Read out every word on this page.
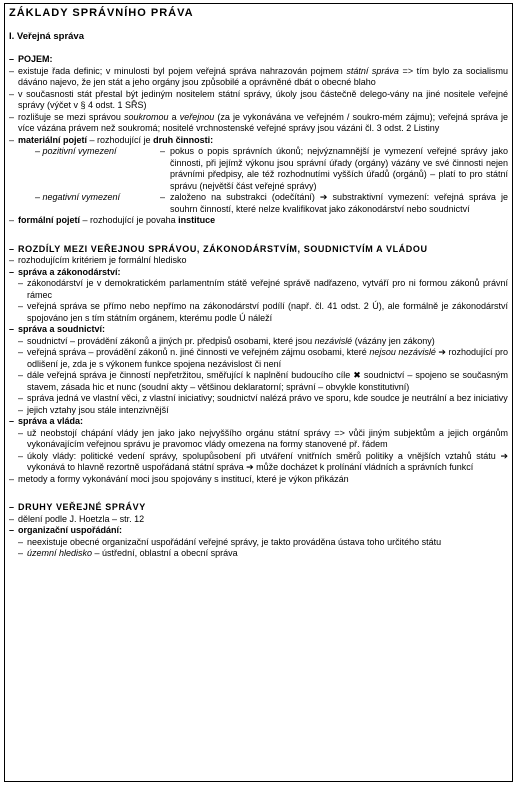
ZÁKLADY SPRÁVNÍHO PRÁVA
I. Veřejná správa
– POJEM:
– existuje řada definic; v minulosti byl pojem veřejná správa nahrazován pojmem státní správa => tím bylo za socialismu dáváno najevo, že jen stát a jeho orgány jsou způsobilé a oprávněné dbát o obecné blaho
– v současnosti stát přestal být jediným nositelem státní správy, úkoly jsou částečně delego-vány na jiné nositele veřejné správy (výčet v § 4 odst. 1 SŘS)
– rozlišuje se mezi správou soukromou a veřejnou (za je vykonávána ve veřejném / soukro-mém zájmu); veřejná správa je více vázána právem než soukromá; nositelé vrchnostenské veřejné správy jsou vázáni čl. 3 odst. 2 Listiny
– materiální pojetí – rozhodující je druh činnosti:
– pozitivní vymezení	– pokus o popis správních úkonů; nejvýznamnější je vymezení veřejné správy jako činnosti, při jejímž výkonu jsou správní úřady (orgány) vázány ve své činnosti nejen právními předpisy, ale též rozhodnutími vyšších úřadů (orgánů) – platí to pro státní správu (největší část veřejné správy)
– negativní vymezení	– založeno na substrakci (odečítání) ➔ substraktivní vymezení: veřejná správa je souhrn činností, které nelze kvalifikovat jako zákonodárství nebo soudnictví
– formální pojetí – rozhodující je povaha instituce
– ROZDÍLY MEZI VEŘEJNOU SPRÁVOU, ZÁKONODÁRSTVÍM, SOUDNICTVÍM A VLÁDOU
– rozhodujícím kritériem je formální hledisko
– správa a zákonodárství:
– zákonodárství je v demokratickém parlamentním státě veřejné správě nadřazeno, vytváří pro ni formou zákonů právní rámec
– veřejná správa se přímo nebo nepřímo na zákonodárství podílí (např. čl. 41 odst. 2 Ú), ale formálně je zákonodárství spojováno jen s tím státním orgánem, kterému podle Ú náleží
– správa a soudnictví:
– soudnictví – provádění zákonů a jiných pr. předpisů osobami, které jsou nezávislé (vázány jen zákony)
– veřejná správa – provádění zákonů n. jiné činnosti ve veřejném zájmu osobami, které nejsou nezávislé ➔ rozhodující pro odlišení je, zda je s výkonem funkce spojena nezávislost či není
– dále veřejná správa je činností nepřetržitou, směřující k naplnění budoucího cíle ✖ soudnictví – spojeno se současným stavem, zásada hic et nunc (soudní akty – většinou deklaratorní; správní – obvykle konstitutivní)
– správa jedná ve vlastní věci, z vlastní iniciativy; soudnictví nalézá právo ve sporu, kde soudce je neutrální a bez iniciativy
– jejich vztahy jsou stále intenzivnější
– správa a vláda:
– už neobstojí chápání vlády jen jako jako nejvyššího orgánu státní správy => vůči jiným subjektům a jejich orgánům vykonávajícím veřejnou správu je pravomoc vlády omezena na formy stanovené př. řádem
– úkoly vlády: politické vedení správy, spolupůsobení při utváření vnitřních směrů politiky a vnějších vztahů státu ➔ vykonává to hlavně rezortně uspořádaná státní správa ➔ může docházet k prolínání vládních a správních funkcí
– metody a formy vykonávání moci jsou spojovány s institucí, které je výkon přikázán
– DRUHY VEŘEJNÉ SPRÁVY
– dělení podle J. Hoetzla – str. 12
– organizační uspořádání:
– neexistuje obecné organizační uspořádání veřejné správy, je takto prováděna ústava toho určitého státu
– územní hledisko – ústřední, oblastní a obecní správa
